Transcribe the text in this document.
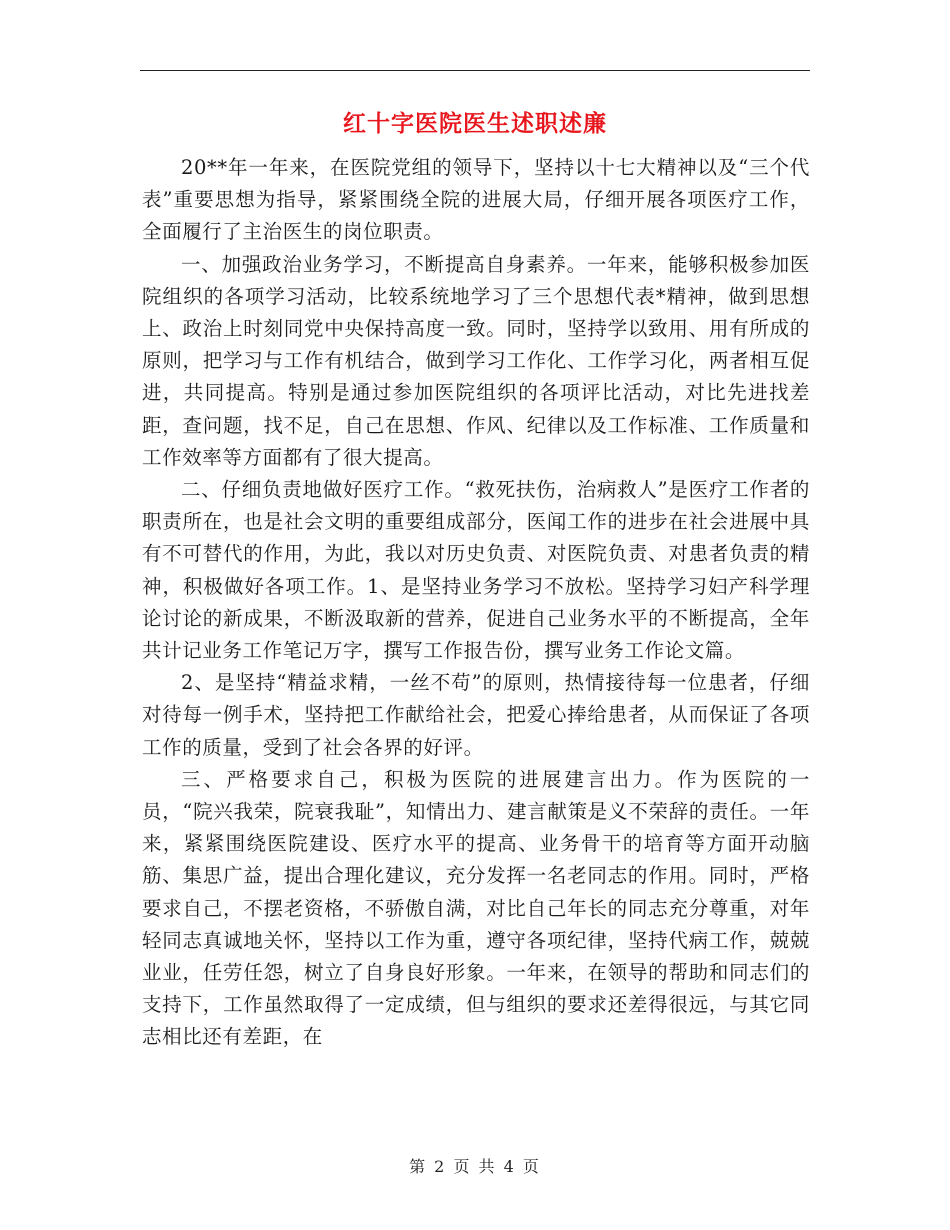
红十字医院医生述职述廉

20**年一年来，在医院党组的领导下，坚持以十七大精神以及“三个代表”重要思想为指导，紧紧围绕全院的进展大局，仔细开展各项医疗工作，全面履行了主治医生的岗位职责。

一、加强政治业务学习，不断提高自身素养。一年来，能够积极参加医院组织的各项学习活动，比较系统地学习了三个思想代表*精神，做到思想上、政治上时刻同党中央保持高度一致。同时，坚持学以致用、用有所成的原则，把学习与工作有机结合，做到学习工作化、工作学习化，两者相互促进，共同提高。特别是通过参加医院组织的各项评比活动，对比先进找差距，查问题，找不足，自己在思想、作风、纪律以及工作标准、工作质量和工作效率等方面都有了很大提高。

二、仔细负责地做好医疗工作。“救死扶伤，治病救人”是医疗工作者的职责所在，也是社会文明的重要组成部分，医闻工作的进步在社会进展中具有不可替代的作用，为此，我以对历史负责、对医院负责、对患者负责的精神，积极做好各项工作。1、是坚持业务学习不放松。坚持学习妇产科学理论讨论的新成果，不断汲取新的营养，促进自己业务水平的不断提高，全年共计记业务工作笔记万字，撰写工作报告份，撰写业务工作论文篇。

2、是坚持“精益求精，一丝不苟”的原则，热情接待每一位患者，仔细对待每一例手术，坚持把工作献给社会，把爱心捧给患者，从而保证了各项工作的质量，受到了社会各界的好评。

三、严格要求自己，积极为医院的进展建言出力。作为医院的一员，“院兴我荣，院衰我耻”，知情出力、建言献策是义不荣辞的责任。一年来，紧紧围绕医院建设、医疗水平的提高、业务骨干的培育等方面开动脑筋、集思广益，提出合理化建议，充分发挥一名老同志的作用。同时，严格要求自己，不摆老资格，不骄傲自满，对比自己年长的同志充分尊重，对年轻同志真诚地关怀，坚持以工作为重，遵守各项纪律，坚持代病工作，兢兢业业，任劳任怨，树立了自身良好形象。一年来，在领导的帮助和同志们的支持下，工作虽然取得了一定成绩，但与组织的要求还差得很远，与其它同志相比还有差距，在

第 2 页 共 4 页
